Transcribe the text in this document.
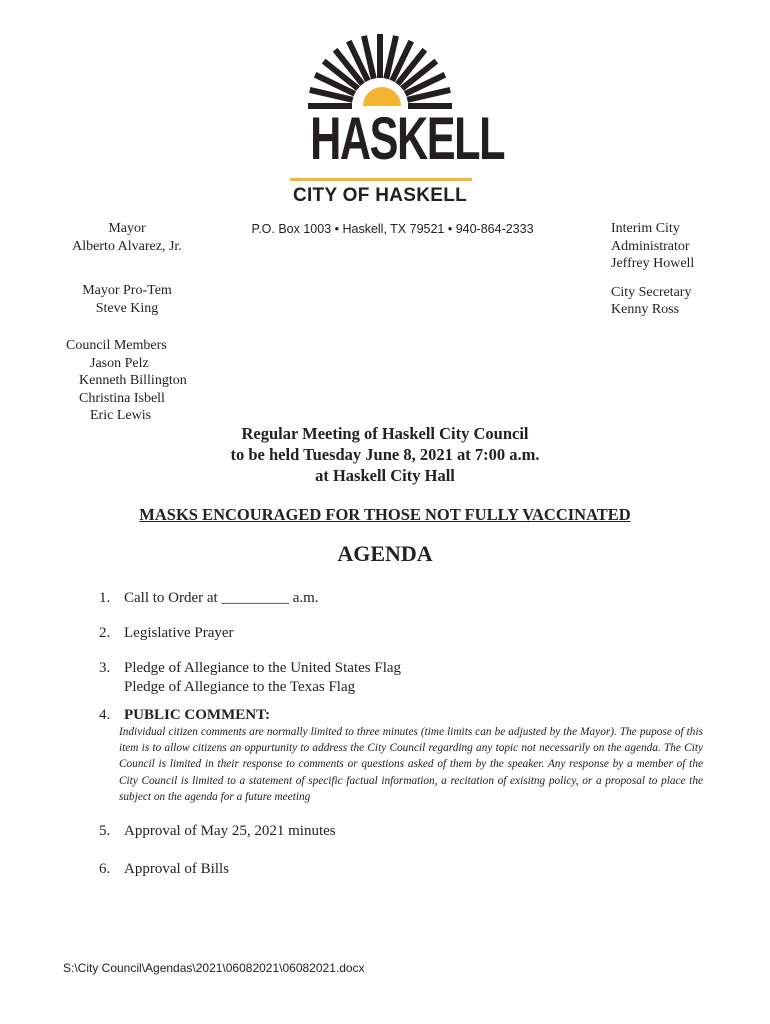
HASKELL
CITY OF HASKELL
Mayor
Alberto Alvarez, Jr.
Mayor Pro-Tem
Steve King
P.O. Box 1003 • Haskell, TX 79521 • 940-864-2333	Interim City
Administrator
Jeffrey Howell
City Secretary
Kenny Ross
Council Members
Jason Pelz
Kenneth Billington
Christina Isbell
Eric Lewis
Regular Meeting of Haskell City Council
to be held Tuesday June 8, 2021 at 7:00 a.m.
at Haskell City Hall
MASKS ENCOURAGED FOR THOSE NOT FULLY VACCINATED
AGENDA
1. Call to Order at _________ a.m.
2. Legislative Prayer
3. Pledge of Allegiance to the United States Flag
Pledge of Allegiance to the Texas Flag
4. PUBLIC COMMENT:
Individual citizen comments are normally limited to three minutes (time limits can be adjusted by the Mayor). The pupose of this item is to allow citizens an oppurtunity to address the City Council regarding any topic not necessarily on the agenda. The City Council is limited in their response to comments or questions asked of them by the speaker. Any response by a member of the City Council is limited to a statement of specific factual information, a recitation of exisitng policy, or a proposal to place the subject on the agenda for a future meeting
5. Approval of May 25, 2021 minutes
6. Approval of Bills
S:\City Council\Agendas\2021\06082021\06082021.docx
